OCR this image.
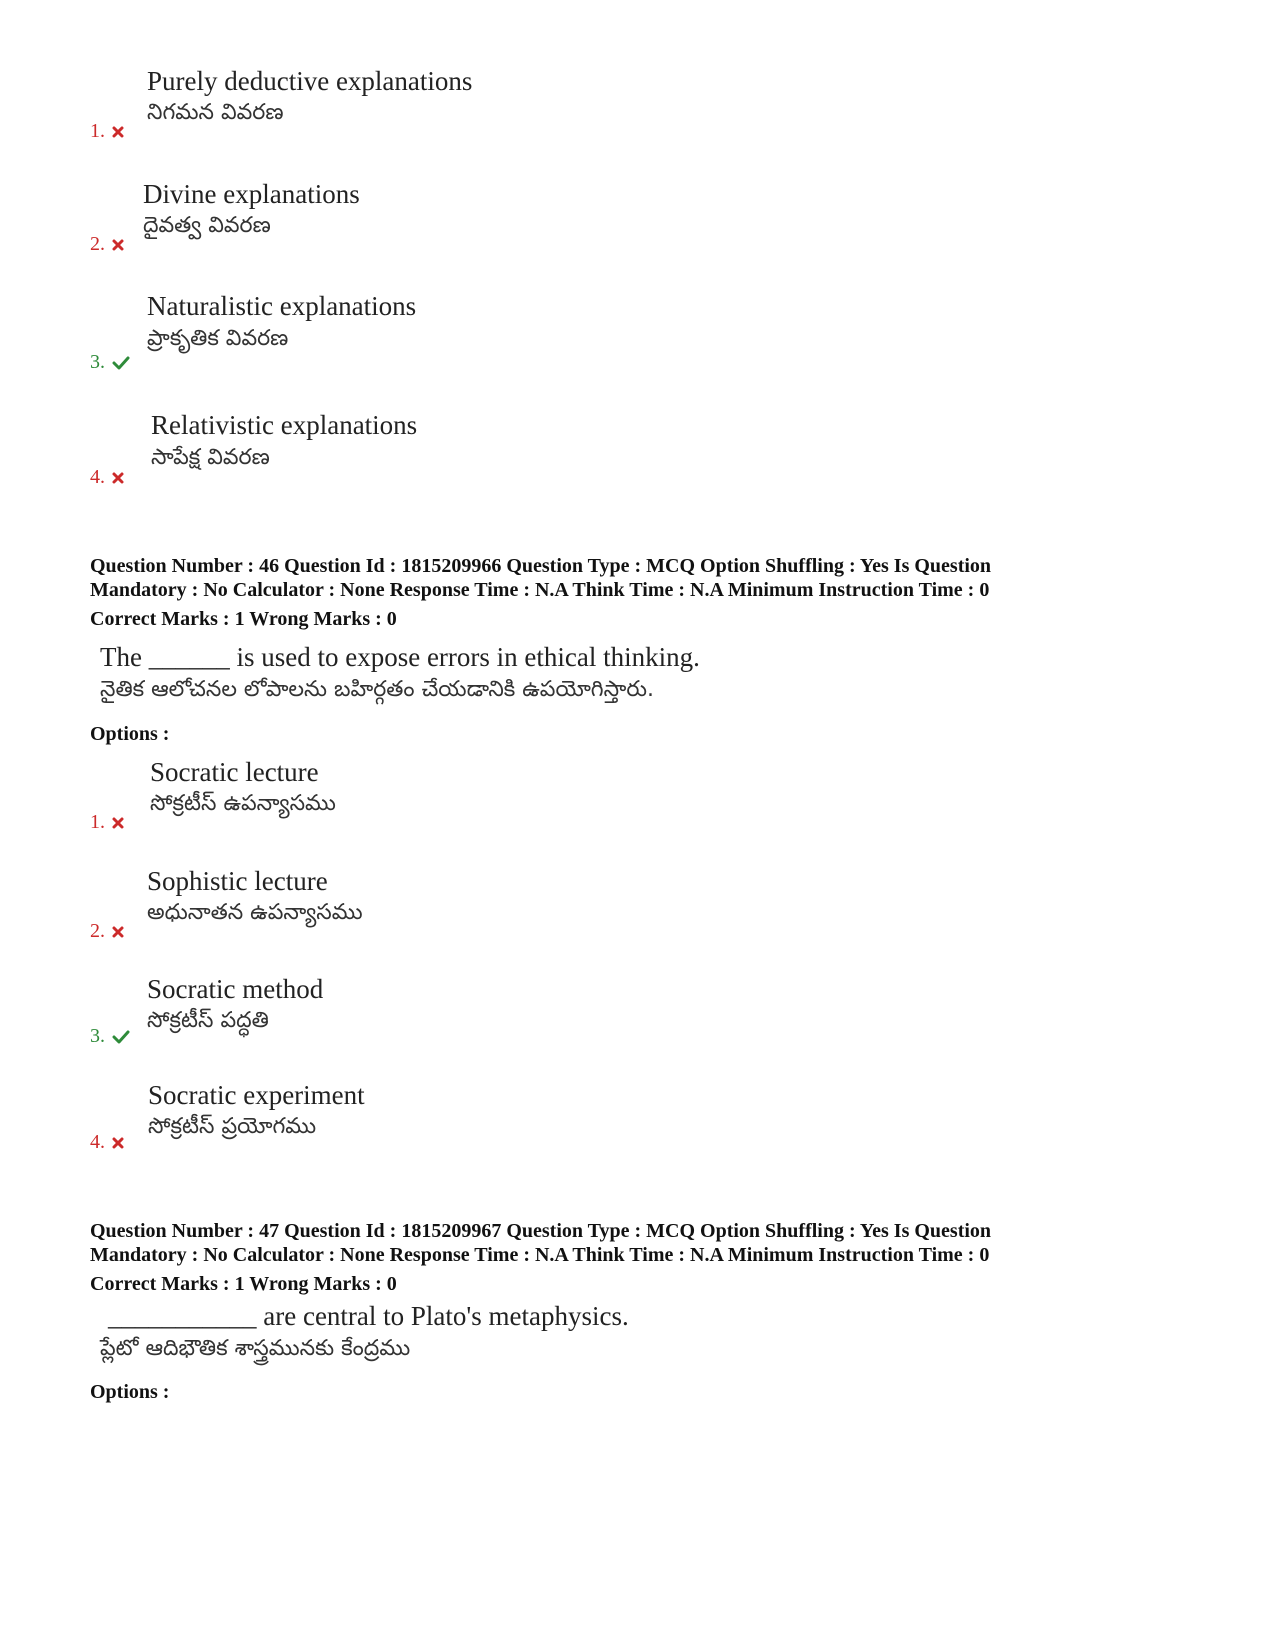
Purely deductive explanations
నిగమన వివరణ
1.
Divine explanations
దైవత్వ వివరణ
2.
Naturalistic explanations
ప్రాకృతిక వివరణ
3.
Relativistic explanations
సాపేక్ష వివరణ
4.
Question Number : 46 Question Id : 1815209966 Question Type : MCQ Option Shuffling : Yes Is Question
Mandatory : No Calculator : None Response Time : N.A Think Time : N.A Minimum Instruction Time : 0
Correct Marks : 1 Wrong Marks : 0
The ______ is used to expose errors in ethical thinking.
నైతిక ఆలోచనల లోపాలను బహిర్గతం చేయడానికి ఉపయోగిస్తారు.
Options :
Socratic lecture
సోక్రటీస్ ఉపన్యాసము
1.
Sophistic lecture
అధునాతన ఉపన్యాసము
2.
Socratic method
సోక్రటీస్ పద్ధతి
3.
Socratic experiment
సోక్రటీస్ ప్రయోగము
4.
Question Number : 47 Question Id : 1815209967 Question Type : MCQ Option Shuffling : Yes Is Question
Mandatory : No Calculator : None Response Time : N.A Think Time : N.A Minimum Instruction Time : 0
Correct Marks : 1 Wrong Marks : 0
___________ are central to Plato's metaphysics.
ప్లేటో ఆదిభౌతిక శాస్త్రమునకు కేంద్రము
Options :
